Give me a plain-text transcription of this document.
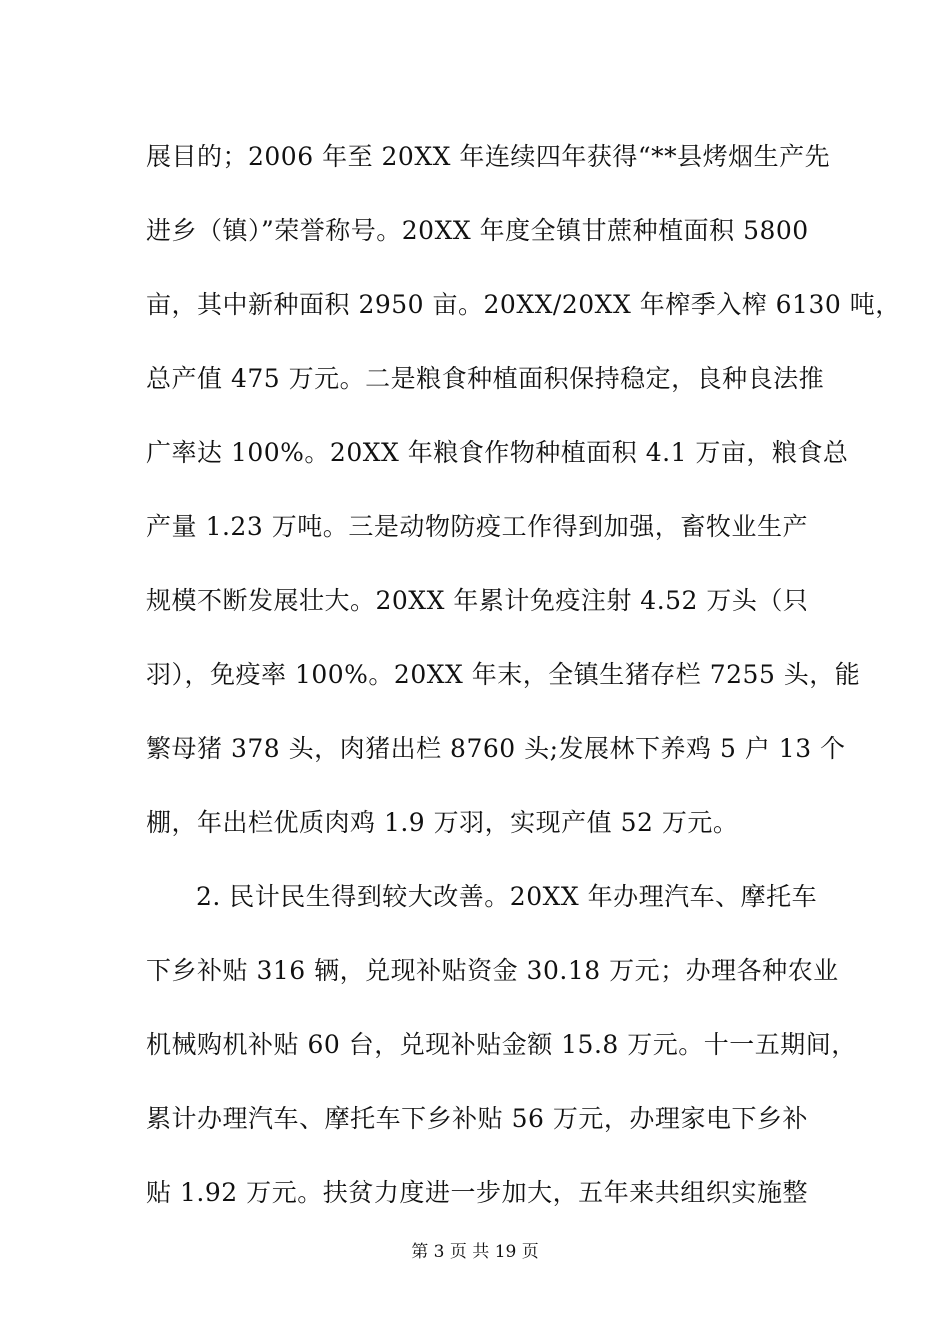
展目的；2006 年至 20XX 年连续四年获得“**县烤烟生产先
进乡（镇）”荣誉称号。20XX 年度全镇甘蔗种植面积 5800
亩，其中新种面积 2950 亩。20XX/20XX 年榨季入榨 6130 吨，
总产值 475 万元。二是粮食种植面积保持稳定，良种良法推
广率达 100%。20XX 年粮食作物种植面积 4.1 万亩，粮食总
产量 1.23 万吨。三是动物防疫工作得到加强，畜牧业生产
规模不断发展壮大。20XX 年累计免疫注射 4.52 万头（只
羽），免疫率 100%。20XX 年末，全镇生猪存栏 7255 头，能
繁母猪 378 头，肉猪出栏 8760 头;发展林下养鸡 5 户 13 个
棚，年出栏优质肉鸡 1.9 万羽，实现产值 52 万元。
2. 民计民生得到较大改善。20XX 年办理汽车、摩托车
下乡补贴 316 辆，兑现补贴资金 30.18 万元；办理各种农业
机械购机补贴 60 台，兑现补贴金额 15.8 万元。十一五期间，
累计办理汽车、摩托车下乡补贴 56 万元，办理家电下乡补
贴 1.92 万元。扶贫力度进一步加大，五年来共组织实施整
第 3 页 共 19 页
